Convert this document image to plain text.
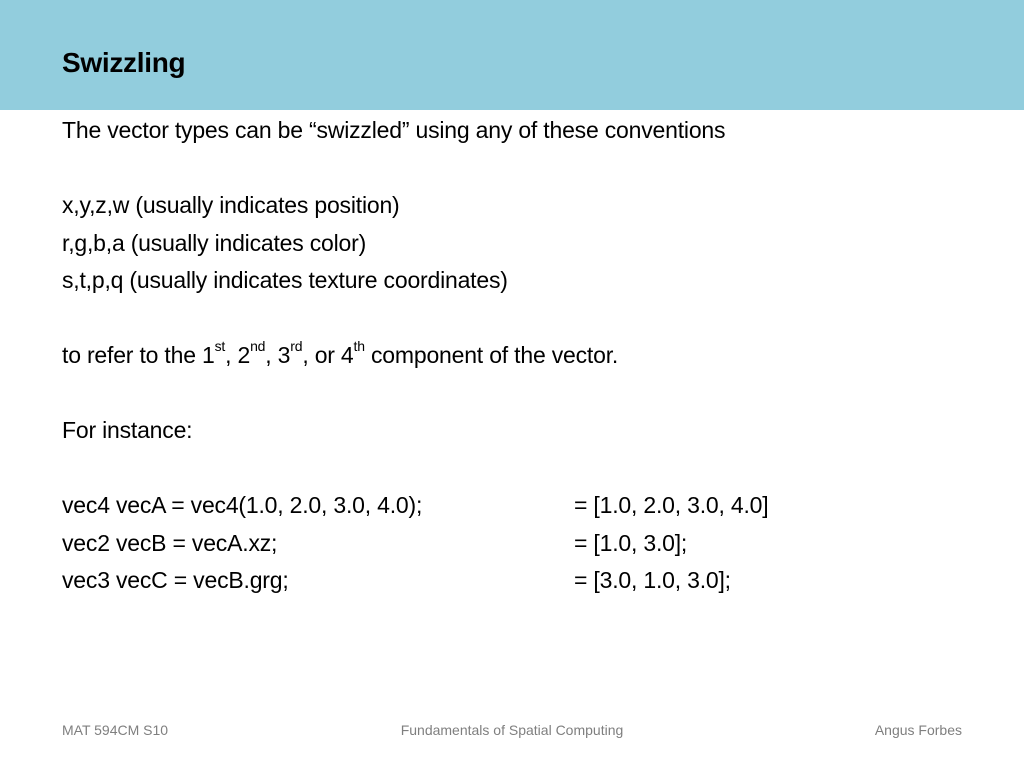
Swizzling
The vector types can be “swizzled” using any of these conventions
x,y,z,w (usually indicates position)
r,g,b,a (usually indicates color)
s,t,p,q (usually indicates texture coordinates)
to refer to the 1st, 2nd, 3rd, or 4th component of the vector.
For instance:
vec4 vecA = vec4(1.0, 2.0, 3.0, 4.0);	= [1.0, 2.0, 3.0, 4.0]
vec2 vecB = vecA.xz;	= [1.0, 3.0];
vec3 vecC = vecB.grg;	= [3.0, 1.0, 3.0];
MAT 594CM S10	Fundamentals of Spatial Computing	Angus Forbes
